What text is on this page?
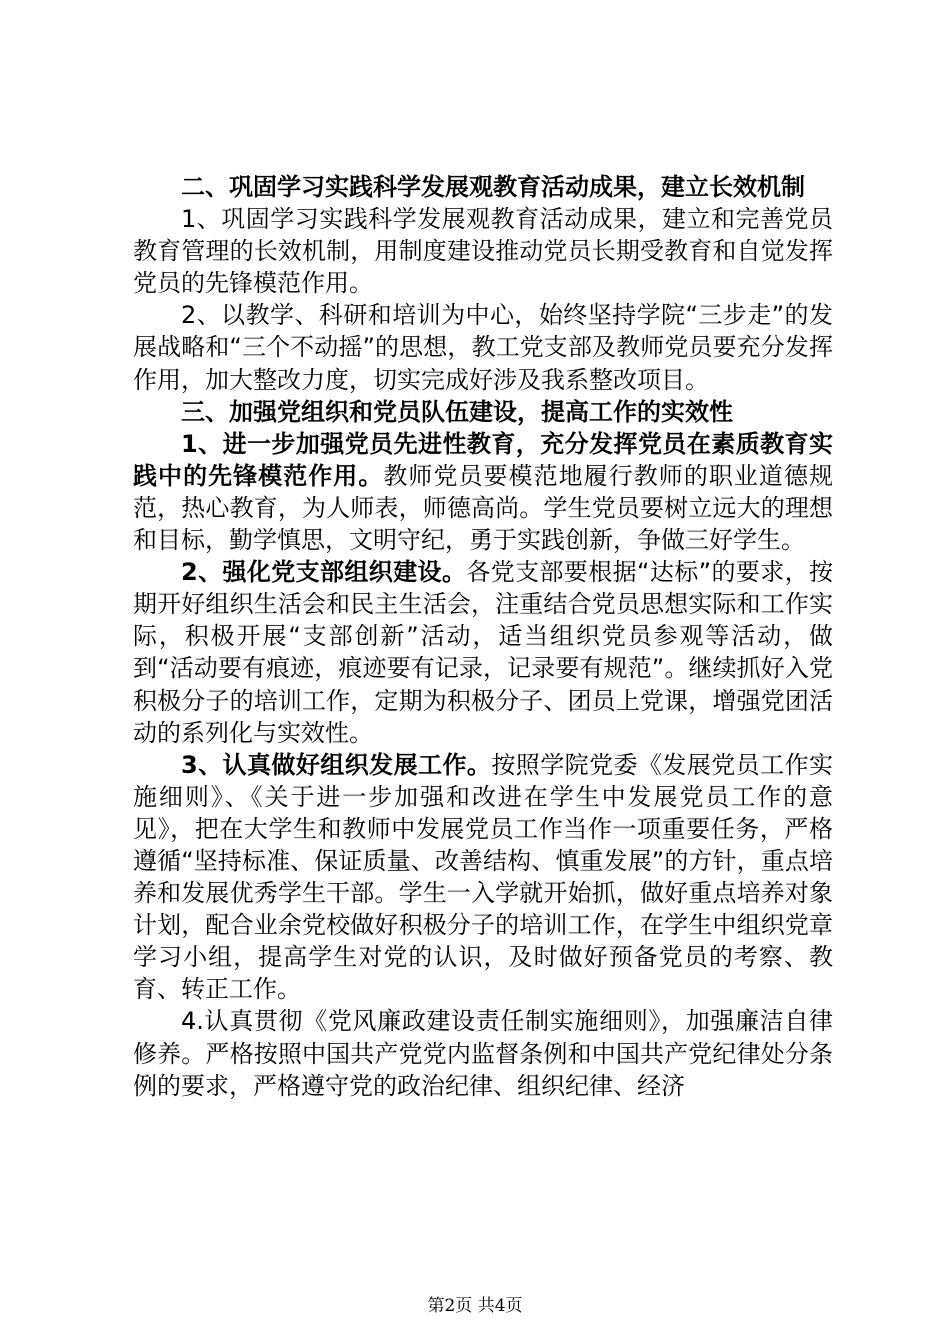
二、巩固学习实践科学发展观教育活动成果，建立长效机制

1、巩固学习实践科学发展观教育活动成果，建立和完善党员教育管理的长效机制，用制度建设推动党员长期受教育和自觉发挥党员的先锋模范作用。

2、以教学、科研和培训为中心，始终坚持学院“三步走”的发展战略和“三个不动摇”的思想，教工党支部及教师党员要充分发挥作用，加大整改力度，切实完成好涉及我系整改项目。

三、加强党组织和党员队伍建设，提高工作的实效性

1、进一步加强党员先进性教育，充分发挥党员在素质教育实践中的先锋模范作用。教师党员要模范地履行教师的职业道德规范，热心教育，为人师表，师德高尚。学生党员要树立远大的理想和目标，勤学慎思，文明守纪，勇于实践创新，争做三好学生。

2、强化党支部组织建设。各党支部要根据“达标”的要求，按期开好组织生活会和民主生活会，注重结合党员思想实际和工作实际，积极开展“支部创新”活动，适当组织党员参观等活动，做到“活动要有痕迹，痕迹要有记录，记录要有规范”。继续抓好入党积极分子的培训工作，定期为积极分子、团员上党课，增强党团活动的系列化与实效性。

3、认真做好组织发展工作。按照学院党委《发展党员工作实施细则》、《关于进一步加强和改进在学生中发展党员工作的意见》，把在大学生和教师中发展党员工作当作一项重要任务，严格遵循“坚持标准、保证质量、改善结构、慎重发展”的方针，重点培养和发展优秀学生干部。学生一入学就开始抓，做好重点培养对象计划，配合业余党校做好积极分子的培训工作，在学生中组织党章学习小组，提高学生对党的认识，及时做好预备党员的考察、教育、转正工作。

4.认真贯彻《党风廉政建设责任制实施细则》，加强廉洁自律修养。严格按照中国共产党党内监督条例和中国共产党纪律处分条例的要求，严格遵守党的政治纪律、组织纪律、经济

第2页 共4页
